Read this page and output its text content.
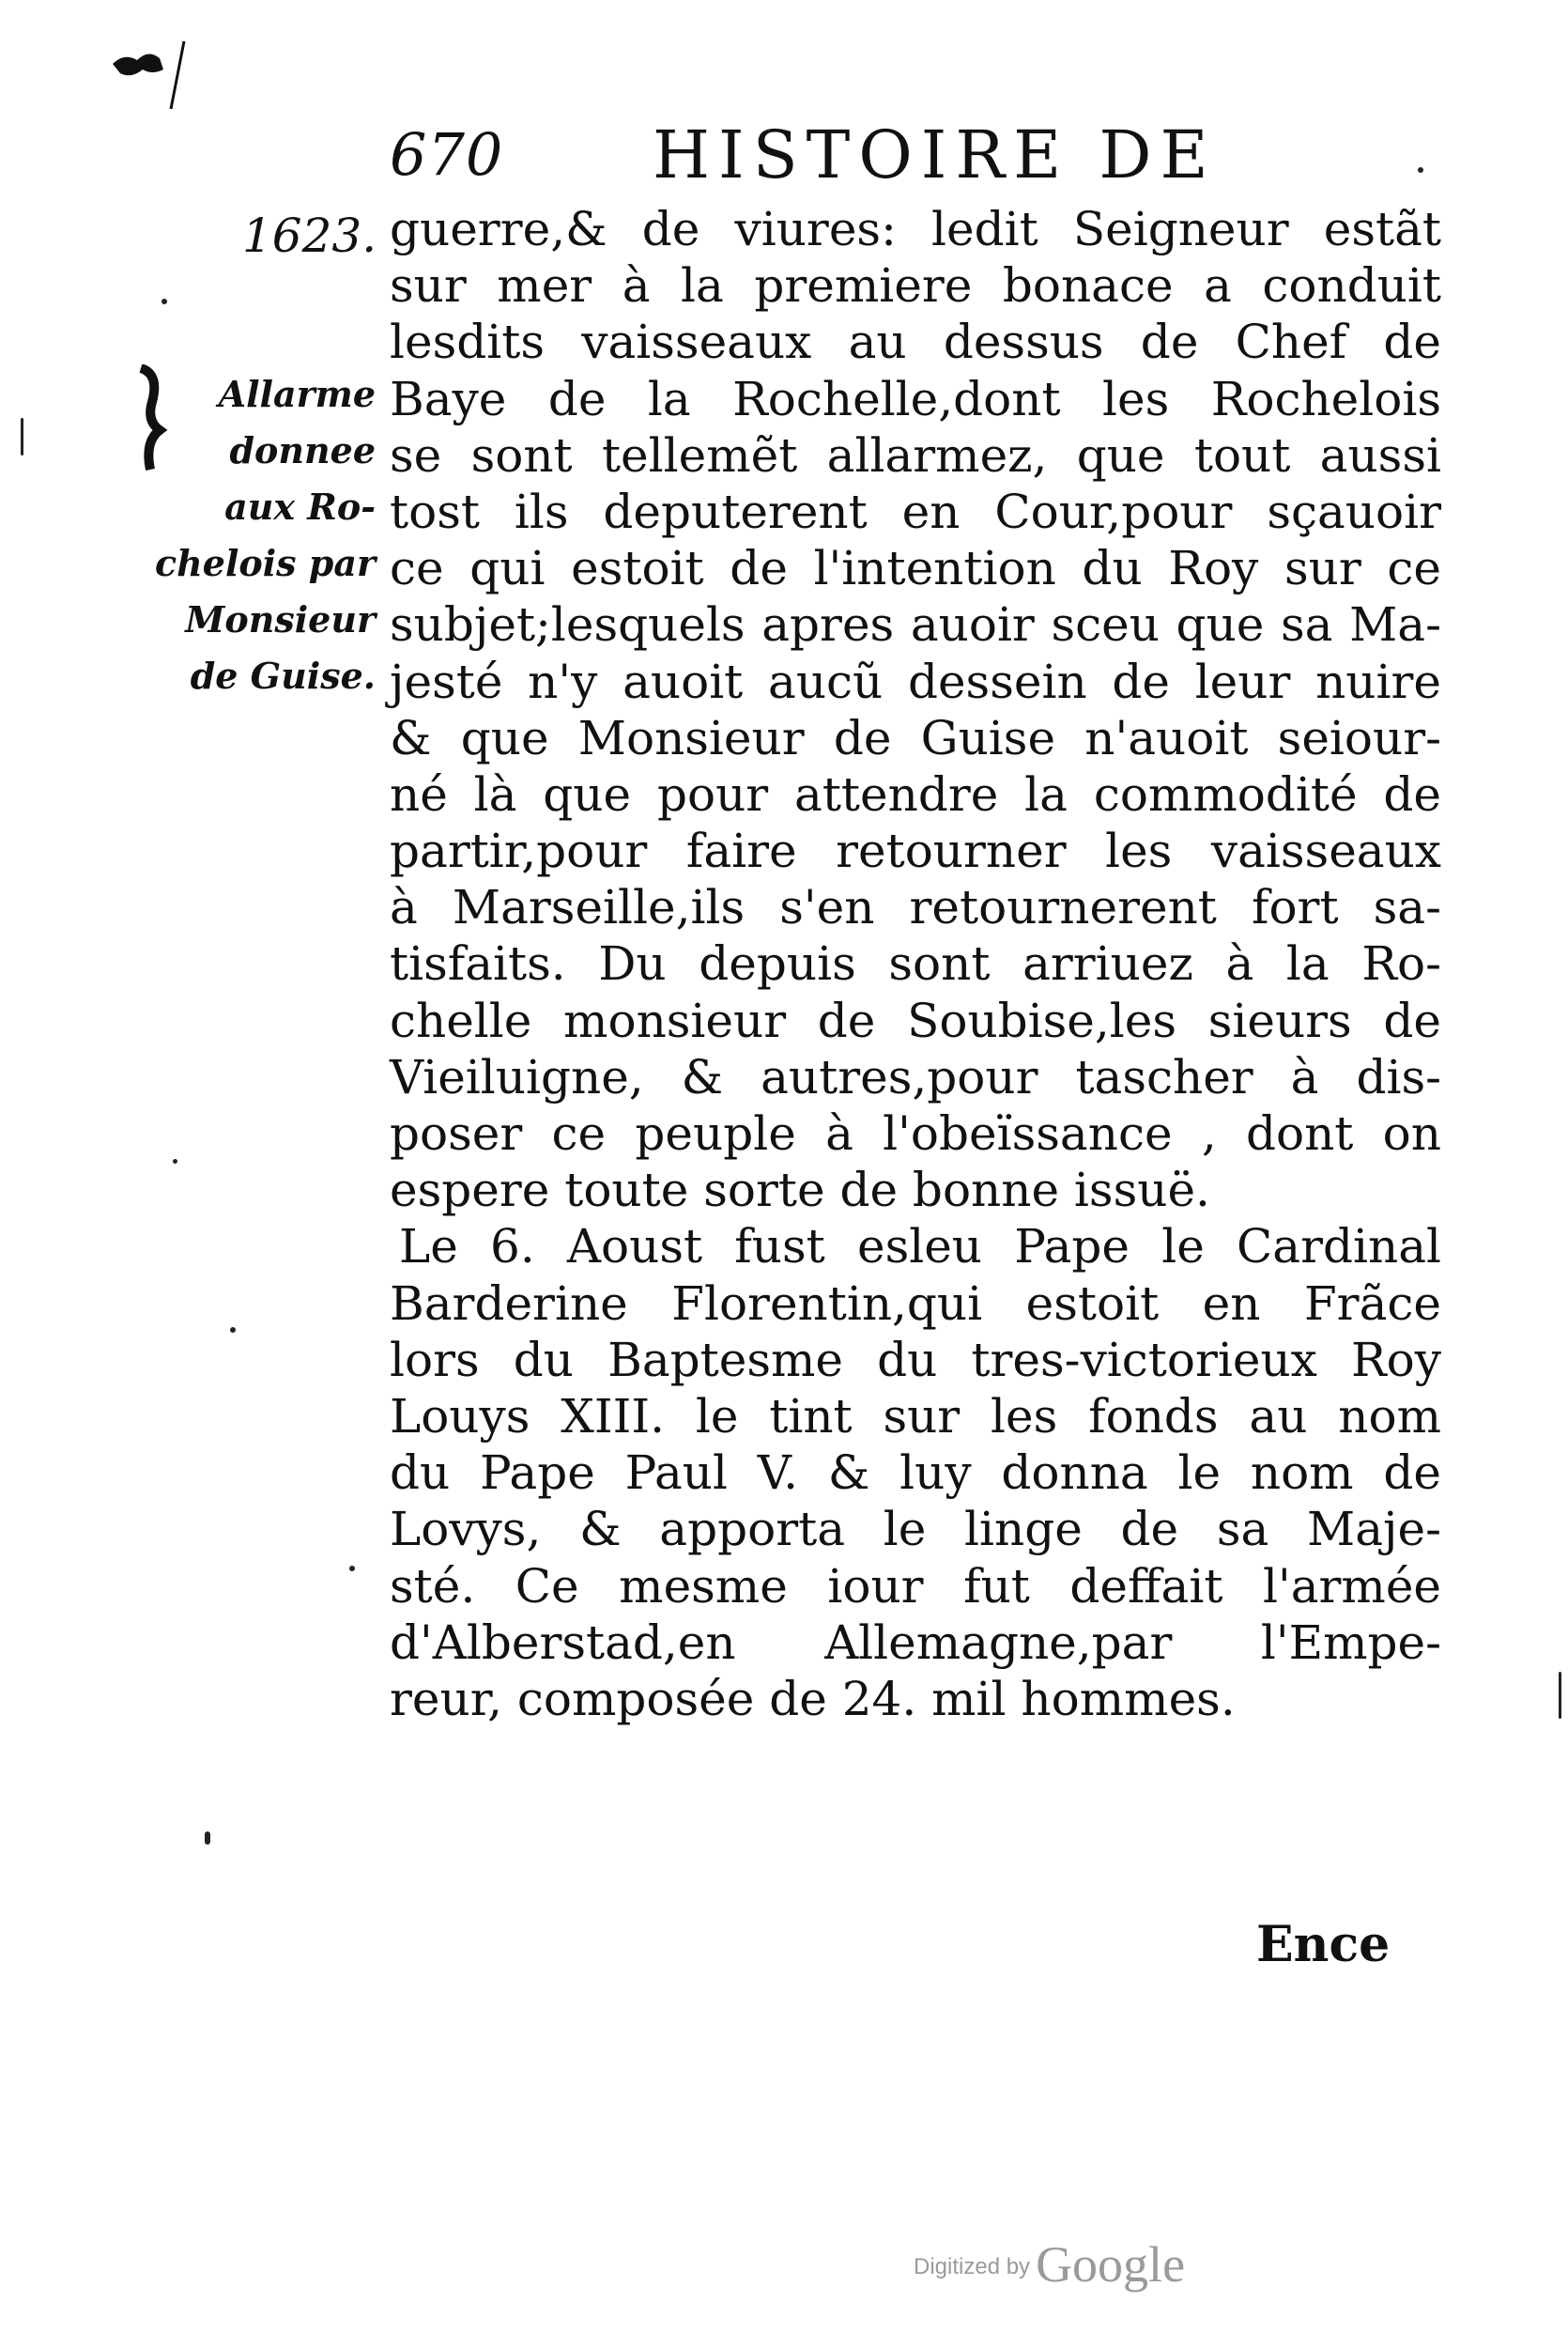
670 HISTOIRE DE
1623.
Allarme
donnee
aux Ro-
chelois par
Monsieur
de Guise.
guerre,& de viures: ledit Seigneur estãt
sur mer à la premiere bonace a conduit
lesdits vaisseaux au dessus de Chef de
Baye de la Rochelle,dont les Rochelois
se sont tellemẽt allarmez, que tout aussi
tost ils deputerent en Cour,pour sçauoir
ce qui estoit de l'intention du Roy sur ce
subjet;lesquels apres auoir sceu que sa Ma-
jesté n'y auoit aucũ dessein de leur nuire
& que Monsieur de Guise n'auoit seiour-
né là que pour attendre la commodité de
partir,pour faire retourner les vaisseaux
à Marseille,ils s'en retournerent fort sa-
tisfaits. Du depuis sont arriuez à la Ro-
chelle monsieur de Soubise,les sieurs de
Vieiluigne, & autres,pour tascher à dis-
poser ce peuple à l'obeïssance , dont on
espere toute sorte de bonne issuë.
Le 6. Aoust fust esleu Pape le Cardinal
Barderine Florentin,qui estoit en Frãce
lors du Baptesme du tres-victorieux Roy
Louys XIII. le tint sur les fonds au nom
du Pape Paul V. & luy donna le nom de
Lovys, & apporta le linge de sa Maje-
sté. Ce mesme iour fut deffait l'armée
d'Alberstad,en Allemagne,par l'Empe-
reur, composée de 24. mil hommes.
Ence
Digitized by Google
